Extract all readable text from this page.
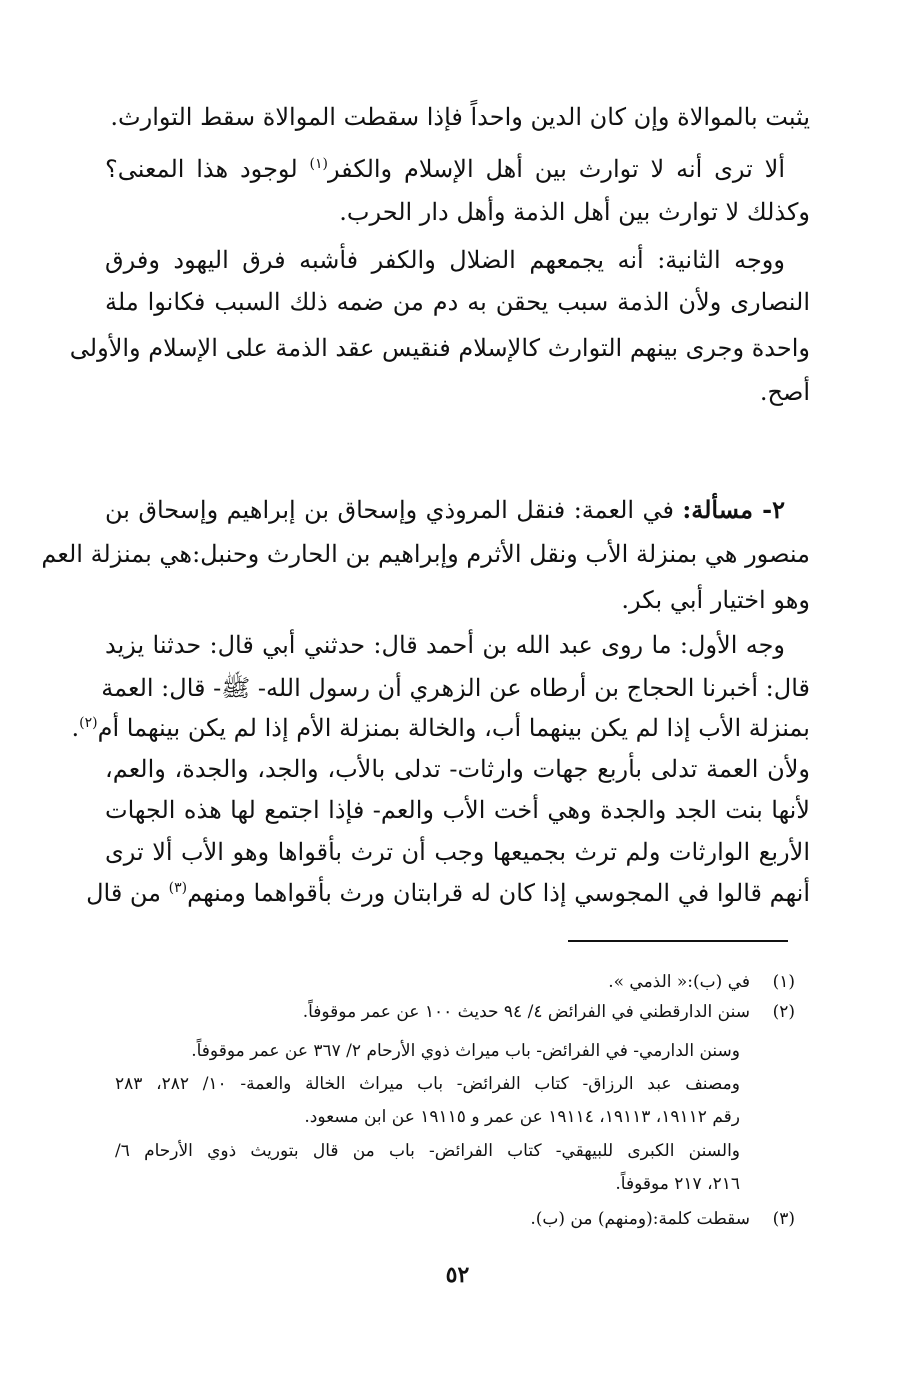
يثبت بالموالاة وإن كان الدين واحداً فإذا سقطت الموالاة سقط التوارث.
ألا ترى أنه لا توارث بين أهل الإسلام والكفر$^{(١)}$ لوجود هذا المعنى؟
وكذلك لا توارث بين أهل الذمة وأهل دار الحرب.
ووجه الثانية: أنه يجمعهم الضلال والكفر فأشبه فرق اليهود وفرق
النصارى ولأن الذمة سبب يحقن به دم من ضمه ذلك السبب فكانوا ملة
واحدة وجرى بينهم التوارث كالإسلام فنقيس عقد الذمة على الإسلام والأولى
أصح.
٢- مسألة: في العمة: فنقل المروذي وإسحاق بن إبراهيم وإسحاق بن
منصور هي بمنزلة الأب ونقل الأثرم وإبراهيم بن الحارث وحنبل:هي بمنزلة العم
وهو اختيار أبي بكر.
وجه الأول: ما روى عبد الله بن أحمد قال: حدثني أبي قال: حدثنا يزيد
قال: أخبرنا الحجاج بن أرطاه عن الزهري أن رسول الله- ﷺ- قال: العمة
بمنزلة الأب إذا لم يكن بينهما أب، والخالة بمنزلة الأم إذا لم يكن بينهما أم$^{(٢)}$.
ولأن العمة تدلى بأربع جهات وارثات- تدلى بالأب، والجد، والجدة، والعم،
لأنها بنت الجد والجدة وهي أخت الأب والعم- فإذا اجتمع لها هذه الجهات
الأربع الوارثات ولم ترث بجميعها وجب أن ترث بأقواها وهو الأب ألا ترى
أنهم قالوا في المجوسي إذا كان له قرابتان ورث بأقواهما ومنهم$^{(٣)}$ من قال
(١)في (ب):« الذمي ».
(٢)سنن الدارقطني في الفرائض ٤/ ٩٤ حديث ١٠٠ عن عمر موقوفاً.
وسنن الدارمي- في الفرائض- باب ميراث ذوي الأرحام ٢/ ٣٦٧ عن عمر موقوفاً.
ومصنف عبد الرزاق- كتاب الفرائض- باب ميراث الخالة والعمة- ١٠/ ٢٨٢، ٢٨٣
رقم ١٩١١٢، ١٩١١٣، ١٩١١٤ عن عمر و ١٩١١٥ عن ابن مسعود.
والسنن الكبرى للبيهقي- كتاب الفرائض- باب من قال بتوريث ذوي الأرحام ٦/
٢١٦، ٢١٧ موقوفاً.
(٣)سقطت كلمة:(ومنهم) من (ب).
٥٢
